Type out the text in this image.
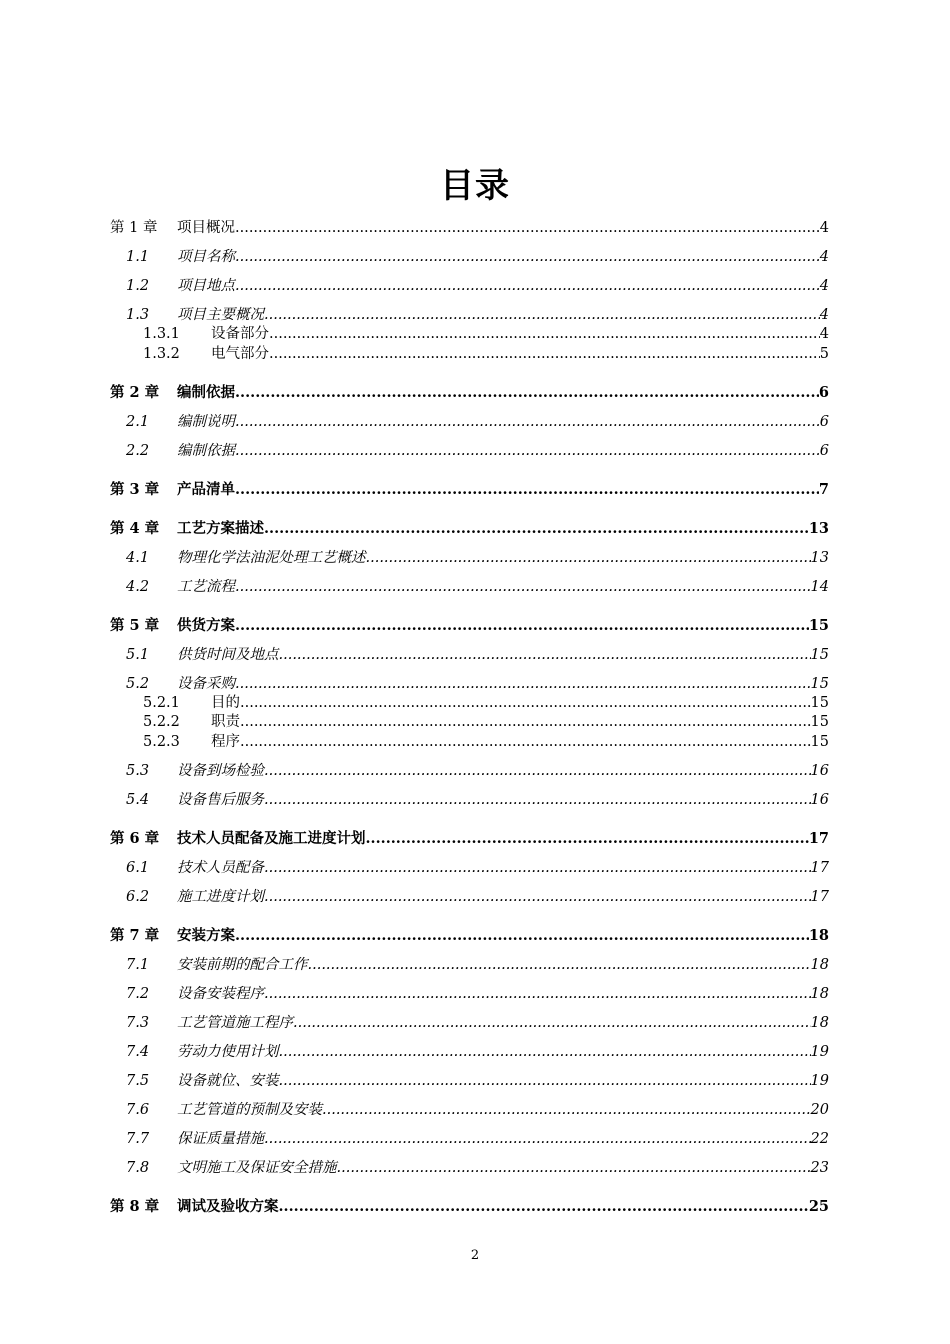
目录
第 1 章	项目概况 .....	4
1.1	项目名称 .....	4
1.2	项目地点 .....	4
1.3	项目主要概况 .....	4
1.3.1	设备部分 .....	4
1.3.2	电气部分 .....	5
第 2 章	编制依据 .....	6
2.1	编制说明 .....	6
2.2	编制依据 .....	6
第 3 章	产品清单 .....	7
第 4 章	工艺方案描述 .....	13
4.1	物理化学法油泥处理工艺概述 .....	13
4.2	工艺流程 .....	14
第 5 章	供货方案 .....	15
5.1	供货时间及地点 .....	15
5.2	设备采购 .....	15
5.2.1	目的 .....	15
5.2.2	职责 .....	15
5.2.3	程序 .....	15
5.3	设备到场检验 .....	16
5.4	设备售后服务 .....	16
第 6 章	技术人员配备及施工进度计划 .....	17
6.1	技术人员配备 .....	17
6.2	施工进度计划 .....	17
第 7 章	安装方案 .....	18
7.1	安装前期的配合工作 .....	18
7.2	设备安装程序 .....	18
7.3	工艺管道施工程序 .....	18
7.4	劳动力使用计划 .....	19
7.5	设备就位、安装 .....	19
7.6	工艺管道的预制及安装 .....	20
7.7	保证质量措施 .....	22
7.8	文明施工及保证安全措施 .....	23
第 8 章	调试及验收方案 .....	25
2
